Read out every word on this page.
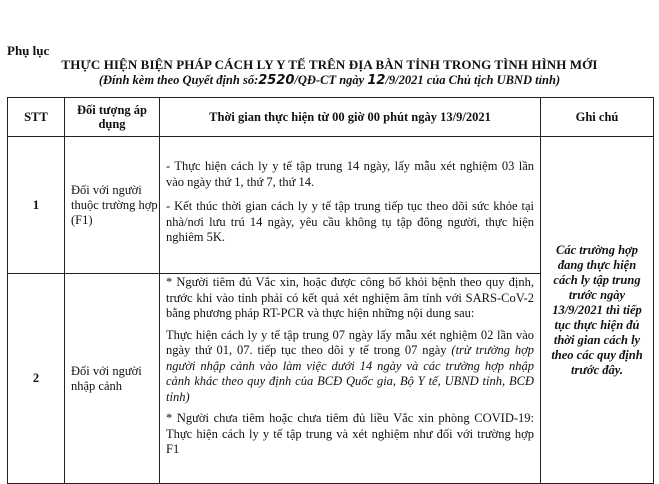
Phụ lục
THỰC HIỆN BIỆN PHÁP CÁCH LY Y TẾ TRÊN ĐỊA BÀN TỈNH TRONG TÌNH HÌNH MỚI
(Đính kèm theo Quyết định số:2520/QĐ-CT ngày 12/9/2021 của Chủ tịch UBND tỉnh)
STT	Đối tượng áp dụng	Thời gian thực hiện từ 00 giờ 00 phút ngày 13/9/2021	Ghi chú
1	Đối với người thuộc trường hợp (F1)	- Thực hiện cách ly y tế tập trung 14 ngày, lấy mẫu xét nghiệm 03 lần vào ngày thứ 1, thứ 7, thứ 14.

- Kết thúc thời gian cách ly y tế tập trung tiếp tục theo dõi sức khỏe tại nhà/nơi lưu trú 14 ngày, yêu cầu không tụ tập đông người, thực hiện nghiêm 5K.	Các trường hợp đang thực hiện cách ly tập trung trước ngày 13/9/2021 thì tiếp tục thực hiện đủ thời gian cách ly theo các quy định trước đây.
2	Đối với người nhập cảnh	* Người tiêm đủ Vắc xin, hoặc được công bố khỏi bệnh theo quy định, trước khi vào tỉnh phải có kết quả xét nghiệm âm tính với SARS-CoV-2 bằng phương pháp RT-PCR và thực hiện những nội dung sau:

Thực hiện cách ly y tế tập trung 07 ngày lấy mẫu xét nghiệm 02 lần vào ngày thứ 01, 07. tiếp tục theo dõi y tế trong 07 ngày (trừ trường hợp người nhập cảnh vào làm việc dưới 14 ngày và các trường hợp nhập cảnh khác theo quy định của BCĐ Quốc gia, Bộ Y tế, UBND tỉnh, BCĐ tỉnh)

* Người chưa tiêm hoặc chưa tiêm đủ liều Vắc xin phòng COVID-19: Thực hiện cách ly y tế tập trung và xét nghiệm như đối với trường hợp F1	
